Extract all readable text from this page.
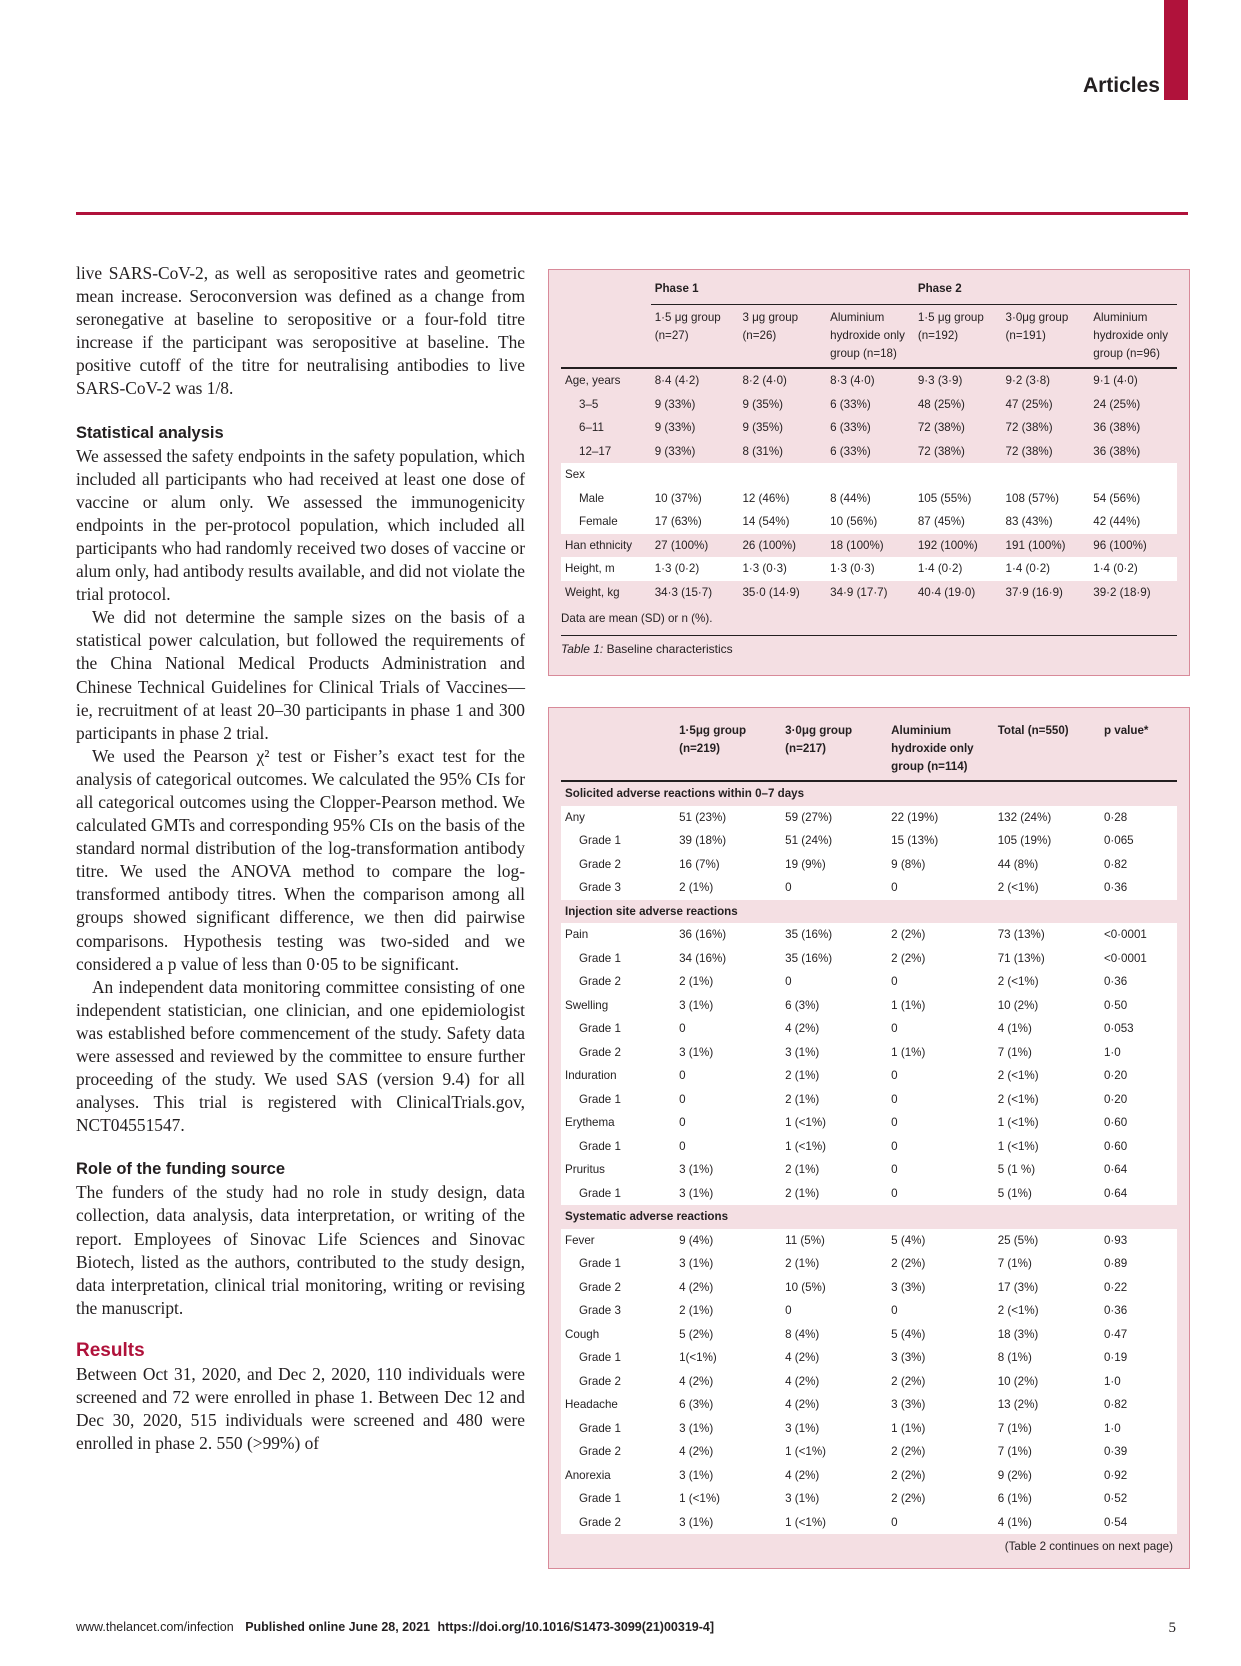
Articles

live SARS-CoV-2, as well as seropositive rates and geometric mean increase. Seroconversion was defined as a change from seronegative at baseline to seropositive or a four-fold titre increase if the participant was seropositive at baseline. The positive cutoff of the titre for neutralising antibodies to live SARS-CoV-2 was 1/8.

Statistical analysis

We assessed the safety endpoints in the safety population, which included all participants who had received at least one dose of vaccine or alum only. We assessed the immunogenicity endpoints in the per-protocol population, which included all participants who had randomly received two doses of vaccine or alum only, had antibody results available, and did not violate the trial protocol.

We did not determine the sample sizes on the basis of a statistical power calculation, but followed the requirements of the China National Medical Products Administration and Chinese Technical Guidelines for Clinical Trials of Vaccines—ie, recruitment of at least 20–30 participants in phase 1 and 300 participants in phase 2 trial.

We used the Pearson χ² test or Fisher’s exact test for the analysis of categorical outcomes. We calculated the 95% CIs for all categorical outcomes using the Clopper-Pearson method. We calculated GMTs and corresponding 95% CIs on the basis of the standard normal distribution of the log-transformation antibody titre. We used the ANOVA method to compare the log-transformed antibody titres. When the comparison among all groups showed significant difference, we then did pairwise comparisons. Hypothesis testing was two-sided and we considered a p value of less than 0·05 to be significant.

An independent data monitoring committee consisting of one independent statistician, one clinician, and one epidemiologist was established before commencement of the study. Safety data were assessed and reviewed by the committee to ensure further proceeding of the study. We used SAS (version 9.4) for all analyses. This trial is registered with ClinicalTrials.gov, NCT04551547.

Role of the funding source

The funders of the study had no role in study design, data collection, data analysis, data interpretation, or writing of the report. Employees of Sinovac Life Sciences and Sinovac Biotech, listed as the authors, contributed to the study design, data interpretation, clinical trial monitoring, writing or revising the manuscript.

Results

Between Oct 31, 2020, and Dec 2, 2020, 110 individuals were screened and 72 were enrolled in phase 1. Between Dec 12 and Dec 30, 2020, 515 individuals were screened and 480 were enrolled in phase 2. 550 (>99%) of

	Phase 1			Phase 2		
	1·5 μg group (n=27)	3 μg group (n=26)	Aluminium hydroxide only group (n=18)	1·5 μg group (n=192)	3·0μg group (n=191)	Aluminium hydroxide only group (n=96)
Age, years	8·4 (4·2)	8·2 (4·0)	8·3 (4·0)	9·3 (3·9)	9·2 (3·8)	9·1 (4·0)
3–5	9 (33%)	9 (35%)	6 (33%)	48 (25%)	47 (25%)	24 (25%)
6–11	9 (33%)	9 (35%)	6 (33%)	72 (38%)	72 (38%)	36 (38%)
12–17	9 (33%)	8 (31%)	6 (33%)	72 (38%)	72 (38%)	36 (38%)
Sex						
Male	10 (37%)	12 (46%)	8 (44%)	105 (55%)	108 (57%)	54 (56%)
Female	17 (63%)	14 (54%)	10 (56%)	87 (45%)	83 (43%)	42 (44%)
Han ethnicity	27 (100%)	26 (100%)	18 (100%)	192 (100%)	191 (100%)	96 (100%)
Height, m	1·3 (0·2)	1·3 (0·3)	1·3 (0·3)	1·4 (0·2)	1·4 (0·2)	1·4 (0·2)
Weight, kg	34·3 (15·7)	35·0 (14·9)	34·9 (17·7)	40·4 (19·0)	37·9 (16·9)	39·2 (18·9)
Data are mean (SD) or n (%).
Table 1: Baseline characteristics
	1·5μg group (n=219)	3·0μg group (n=217)	Aluminium hydroxide only group (n=114)	Total (n=550)	p value*
Solicited adverse reactions within 0–7 days					
Any	51 (23%)	59 (27%)	22 (19%)	132 (24%)	0·28
Grade 1	39 (18%)	51 (24%)	15 (13%)	105 (19%)	0·065
Grade 2	16 (7%)	19 (9%)	9 (8%)	44 (8%)	0·82
Grade 3	2 (1%)	0	0	2 (<1%)	0·36
Injection site adverse reactions					
Pain	36 (16%)	35 (16%)	2 (2%)	73 (13%)	<0·0001
Grade 1	34 (16%)	35 (16%)	2 (2%)	71 (13%)	<0·0001
Grade 2	2 (1%)	0	0	2 (<1%)	0·36
Swelling	3 (1%)	6 (3%)	1 (1%)	10 (2%)	0·50
Grade 1	0	4 (2%)	0	4 (1%)	0·053
Grade 2	3 (1%)	3 (1%)	1 (1%)	7 (1%)	1·0
Induration	0	2 (1%)	0	2 (<1%)	0·20
Grade 1	0	2 (1%)	0	2 (<1%)	0·20
Erythema	0	1 (<1%)	0	1 (<1%)	0·60
Grade 1	0	1 (<1%)	0	1 (<1%)	0·60
Pruritus	3 (1%)	2 (1%)	0	5 (1 %)	0·64
Grade 1	3 (1%)	2 (1%)	0	5 (1%)	0·64
Systematic adverse reactions					
Fever	9 (4%)	11 (5%)	5 (4%)	25 (5%)	0·93
Grade 1	3 (1%)	2 (1%)	2 (2%)	7 (1%)	0·89
Grade 2	4 (2%)	10 (5%)	3 (3%)	17 (3%)	0·22
Grade 3	2 (1%)	0	0	2 (<1%)	0·36
Cough	5 (2%)	8 (4%)	5 (4%)	18 (3%)	0·47
Grade 1	1(<1%)	4 (2%)	3 (3%)	8 (1%)	0·19
Grade 2	4 (2%)	4 (2%)	2 (2%)	10 (2%)	1·0
Headache	6 (3%)	4 (2%)	3 (3%)	13 (2%)	0·82
Grade 1	3 (1%)	3 (1%)	1 (1%)	7 (1%)	1·0
Grade 2	4 (2%)	1 (<1%)	2 (2%)	7 (1%)	0·39
Anorexia	3 (1%)	4 (2%)	2 (2%)	9 (2%)	0·92
Grade 1	1 (<1%)	3 (1%)	2 (2%)	6 (1%)	0·52
Grade 2	3 (1%)	1 (<1%)	0	4 (1%)	0·54
(Table 2 continues on next page)
www.thelancet.com/infection Published online June 28, 2021 https://doi.org/10.1016/S1473-3099(21)00319-4]	5
